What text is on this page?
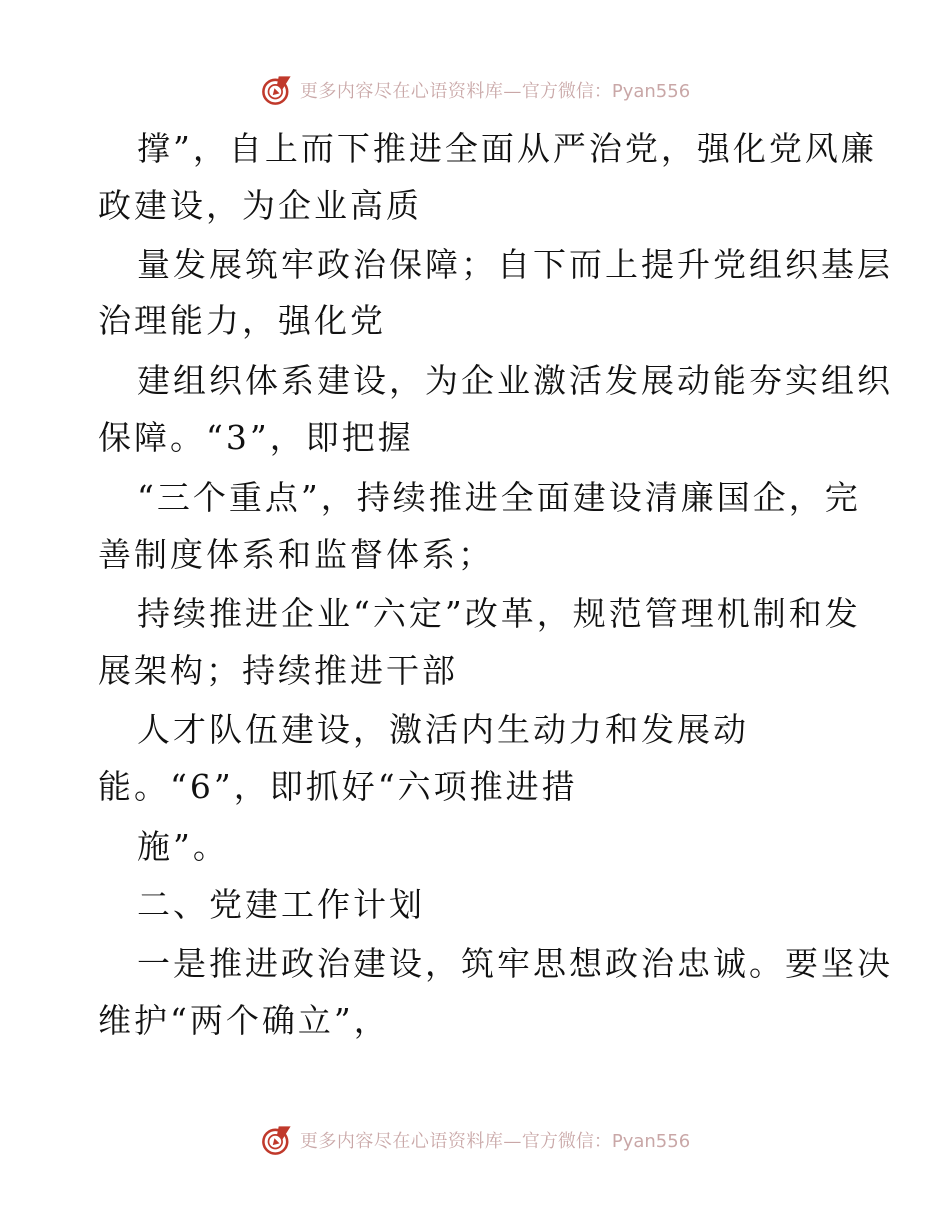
更多内容尽在心语资料库— 官方微信：Pyan556
撑”，自上而下推进全面从严治党，强化党风廉
政建设，为企业高质
量发展筑牢政治保障；自下而上提升党组织基层
治理能力，强化党
建组织体系建设，为企业激活发展动能夯实组织
保障。“3”，即把握
“三个重点”，持续推进全面建设清廉国企，完
善制度体系和监督体系；
持续推进企业“六定”改革，规范管理机制和发
展架构；持续推进干部
人才队伍建设，激活内生动力和发展动
能。“6”，即抓好“六项推进措
施”。
二、党建工作计划
一是推进政治建设，筑牢思想政治忠诚。要坚决
维护“两个确立”，
更多内容尽在心语资料库— 官方微信：Pyan556
